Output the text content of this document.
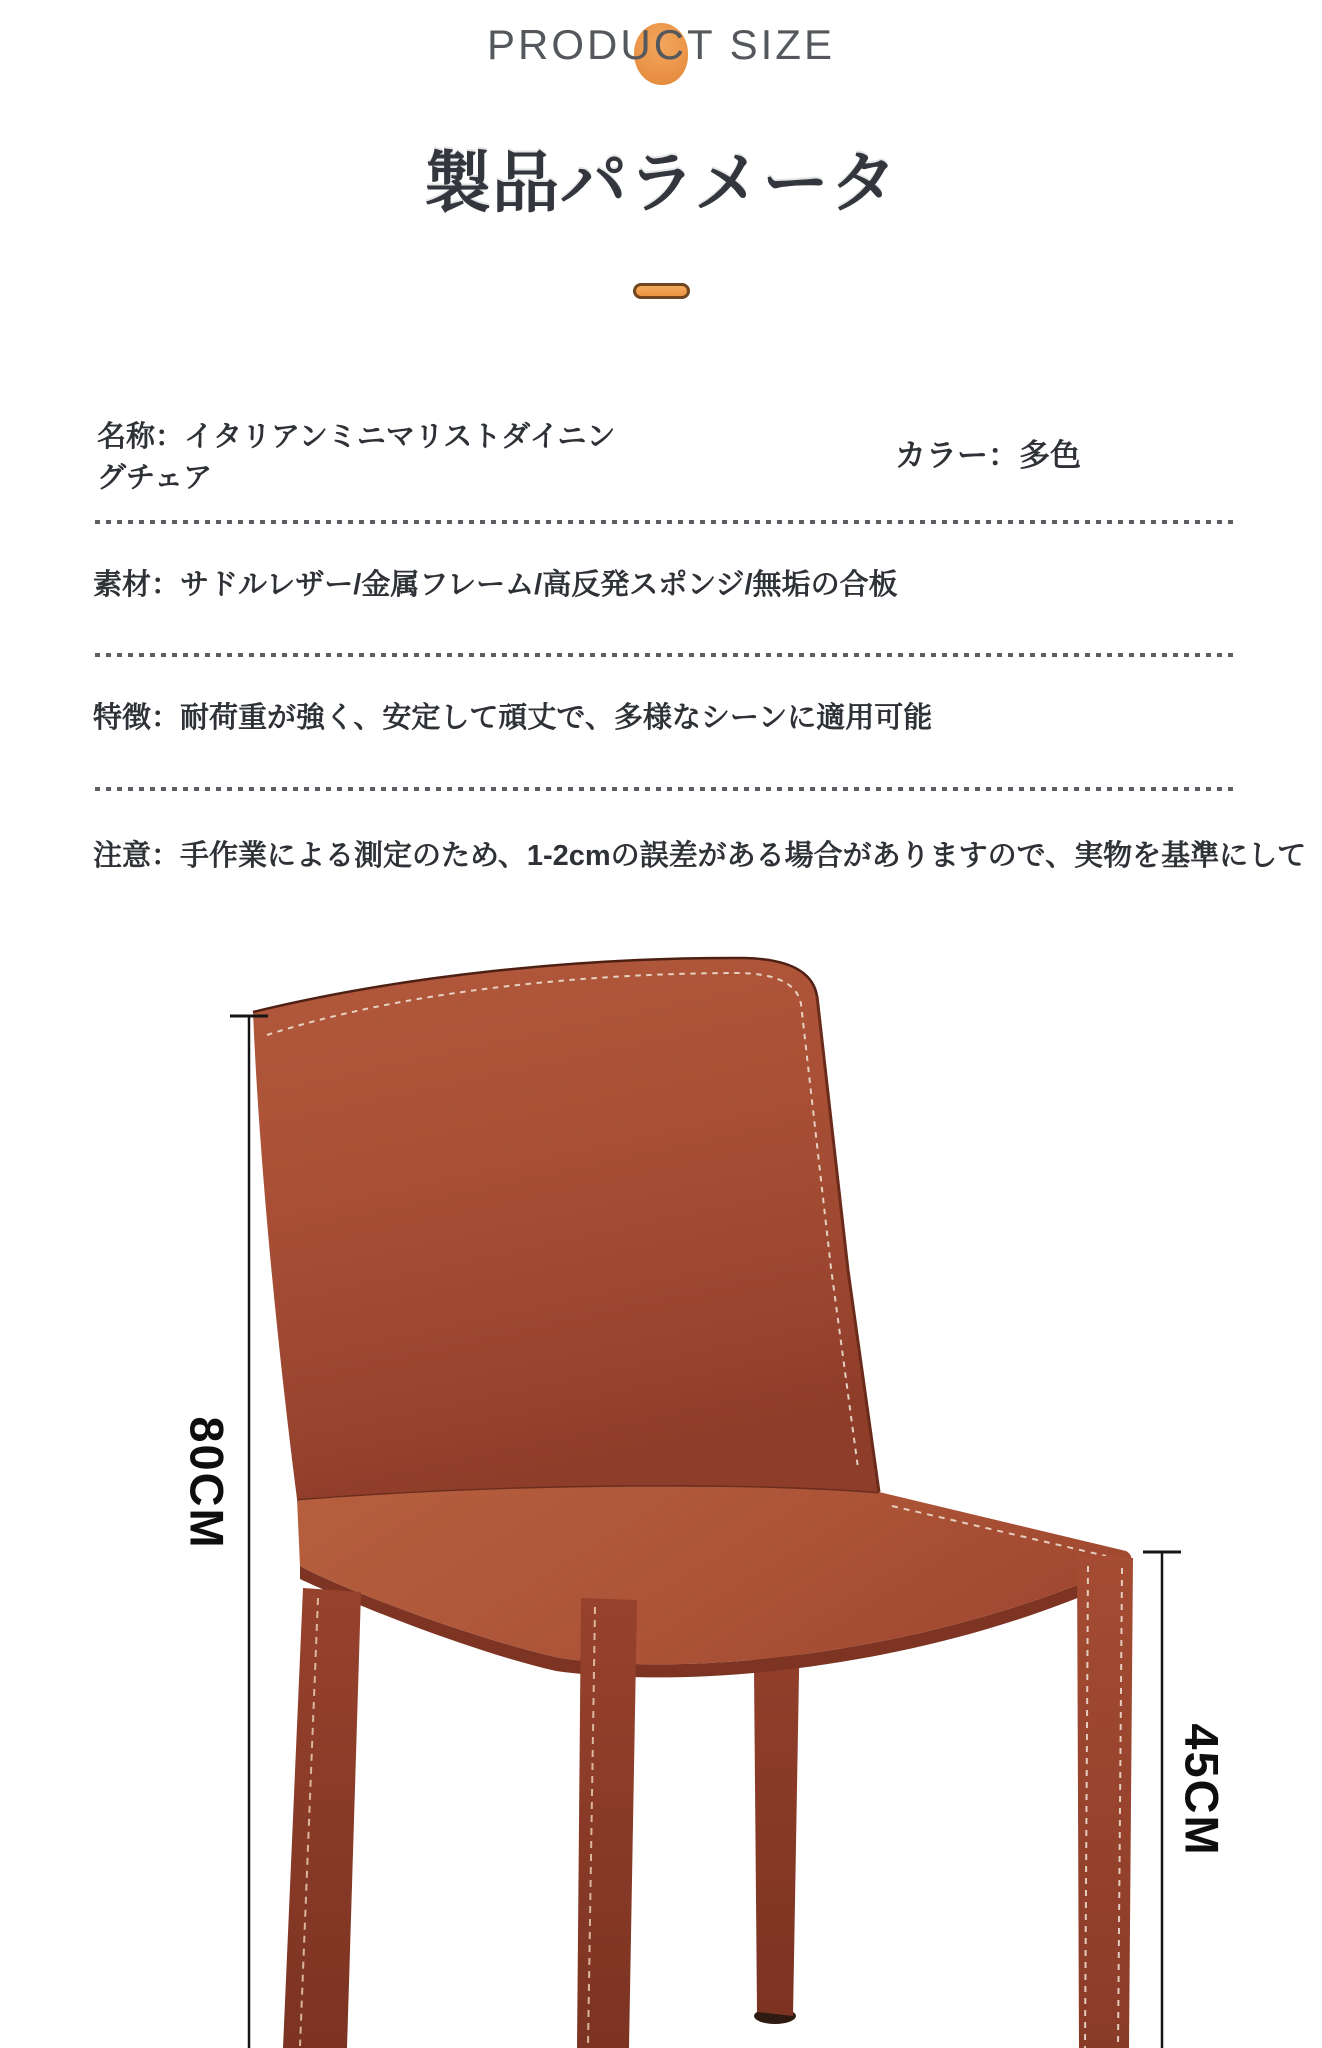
PRODUCT SIZE
製品パラメータ
名称：イタリアンミニマリストダイニングチェア
カラー：多色
素材：サドルレザー/金属フレーム/高反発スポンジ/無垢の合板
特徴：耐荷重が強く、安定して頑丈で、多様なシーンに適用可能
注意：手作業による測定のため、1-2cmの誤差がある場合がありますので、実物を基準にして
80CM
45CM
